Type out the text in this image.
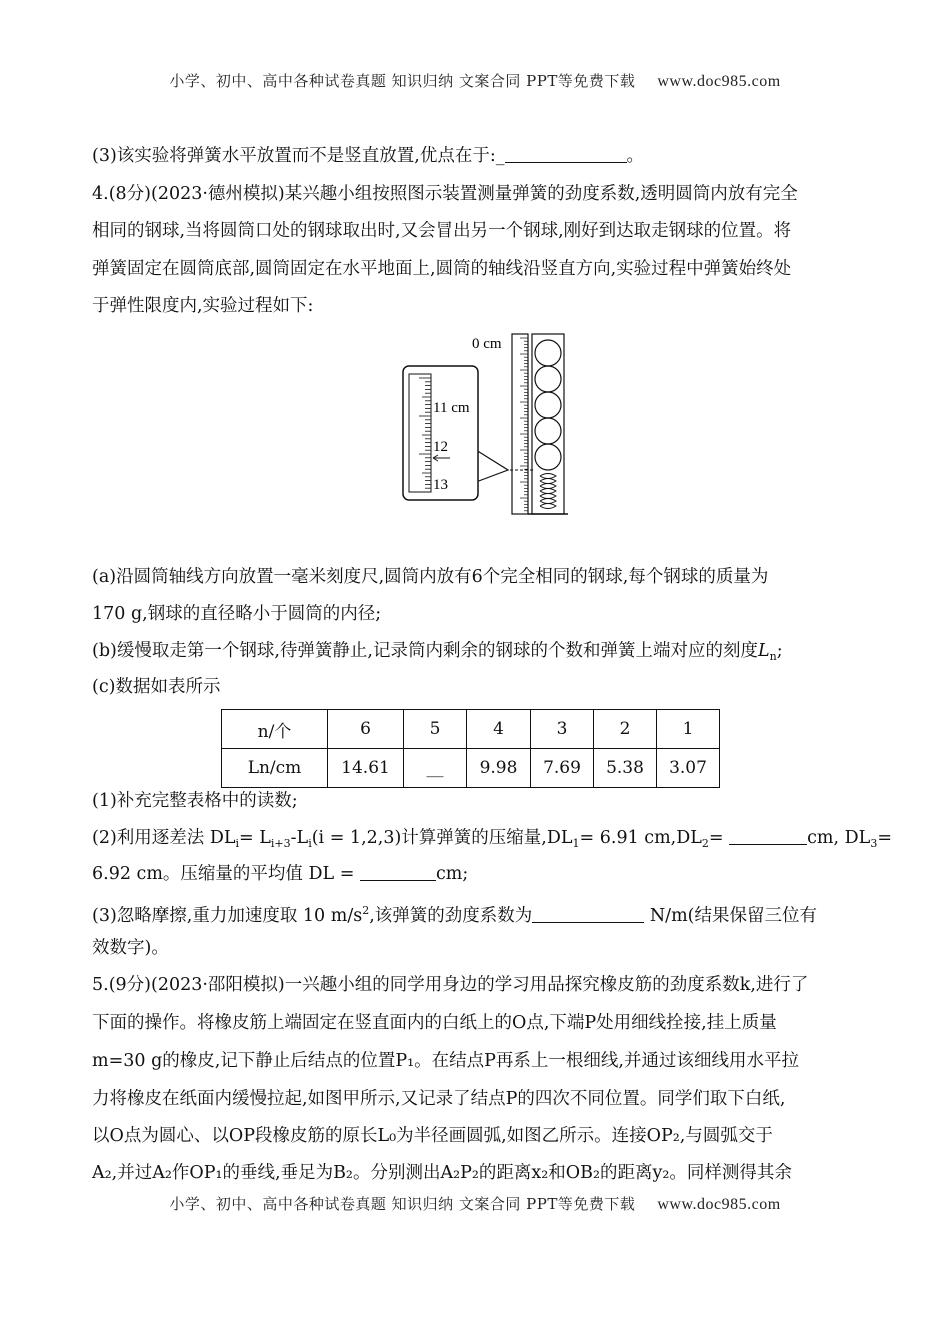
小学、初中、高中各种试卷真题 知识归纳 文案合同 PPT等免费下载 www.doc985.com
(3)该实验将弹簧水平放置而不是竖直放置,优点在于:_	。
4.(8分)(2023·德州模拟)某兴趣小组按照图示装置测量弹簧的劲度系数,透明圆筒内放有完全
相同的钢球,当将圆筒口处的钢球取出时,又会冒出另一个钢球,刚好到达取走钢球的位置。将
弹簧固定在圆筒底部,圆筒固定在水平地面上,圆筒的轴线沿竖直方向,实验过程中弹簧始终处
于弹性限度内,实验过程如下:
0 cm
11 cm
12
13
(a)沿圆筒轴线方向放置一毫米刻度尺,圆筒内放有6个完全相同的钢球,每个钢球的质量为
170 g,钢球的直径略小于圆筒的内径;
(b)缓慢取走第一个钢球,待弹簧静止,记录筒内剩余的钢球的个数和弹簧上端对应的刻度$L_n$;
(c)数据如表所示
n/个	6	5	4	3	2	1
Ln/cm	14.61	__	9.98	7.69	5.38	3.07
(1)补充完整表格中的读数;
(2)利用逐差法 $DL_i= L_{i+3}-L_i(i = 1,2,3)$计算弹簧的压缩量$,DL_1= 6.91$ $cm,DL_2=$	cm, $DL_3=$
6.92 cm。压缩量的平均值 DL =	cm;
(3)忽略摩擦,重力加速度取 10 $m/s^2$,该弹簧的劲度系数为	N/m(结果保留三位有
效数字)。
5.(9分)(2023·邵阳模拟)一兴趣小组的同学用身边的学习用品探究橡皮筋的劲度系数k,进行了
下面的操作。将橡皮筋上端固定在竖直面内的白纸上的O点,下端P处用细线拴接,挂上质量
m=30 g的橡皮,记下静止后结点的位置P₁。在结点P再系上一根细线,并通过该细线用水平拉
力将橡皮在纸面内缓慢拉起,如图甲所示,又记录了结点P的四次不同位置。同学们取下白纸,
以O点为圆心、以OP段橡皮筋的原长L₀为半径画圆弧,如图乙所示。连接OP₂,与圆弧交于
A₂,并过A₂作OP₁的垂线,垂足为B₂。分别测出A₂P₂的距离x₂和OB₂的距离y₂。同样测得其余
小学、初中、高中各种试卷真题 知识归纳 文案合同 PPT等免费下载 www.doc985.com
